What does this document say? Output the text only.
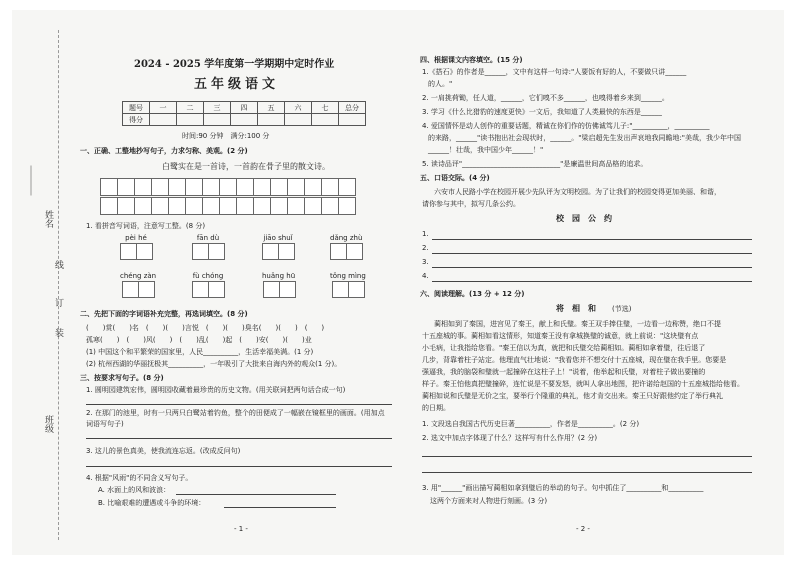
姓名
班级
线
订
装
2024 - 2025 学年度第一学期期中定时作业
五年级语文
题号	一	二	三	四	五	六	七	总分
得分								
时间:90 分钟　满分:100 分
一、正确、工整地抄写句子，力求匀称、美观。(2 分)
白鹭实在是一首诗，一首韵在骨子里的散文诗。
1. 看拼音写词语，注意写工整。(8 分)
pèi hé	fān dù	jiāo shuǐ	dǎng zhù
chéng zàn	fù chóng	huǎng hū	tǒng mìng
二、先把下面的字词语补充完整，再选词填空。(8 分)
(　　)赏(　　)名　(　　)(　　)言悦　(　　)(　　)臭名(　　)(　　)　(　　)
孤寒(　　)　(　　)风(　　)　(　　)乱(　　)起　(　　)安(　　)(　　)业
(1) 中国这个和平繁荣的国家里，人民__________，生活幸福美满。(1 分)
(2) 杭州西湖的华丽抚极其__________，一年吸引了大批来自海内外的观众(1 分)。
三、按要求写句子。(8 分)
1. 圆明园建筑宏伟，圆明园收藏着最珍贵的历史文物。(用关联词把两句话合成一句)
2. 在那门的池里，时有一只两只白鹭站着钓鱼，整个的田便成了一幅嵌在镜框里的画面。(用加点
词语写句子)
3. 这儿的景色真美，使我流连忘返。(改成反问句)
4. 根据"风雨"的不同含义写句子。
A. 水面上的风和波浪：
B. 比喻艰难的遭遇或斗争的环境：
- 1 -
四、根据课文内容填空。(15 分)
1.《搭石》的作者是______，文中有这样一句诗:"人要饭有好的人，不要做只讲______
的人。"
2. 一肩挑荷锄，任人道，______，它们嗅不多______，也嗅得着乡来到______。
3. 学习《什么比猎豹的速度更快》一文后，我知道了人类最快的东西是______
4. 爱国情怀是动人创作的重要话题，精诚在你们作的仿佛诚笃儿子:"__________，__________
的来路，______"读书抱出社会现状时，______。"梁启超先生发出声哀地我同瞻地:"美哉，我少年中国
______！壮哉，我中国少年______！"
5. 读诗品评"____________________________"是廉温世间高品格的追求。
五、口语交际。(4 分)
六安市人民路小学在校园开展少先队评为文明校园。为了让我们的校园变得更加美丽、和谐，
请你参与其中，拟写几条公约。
校　园　公　约
1.
2.
3.
4.
六、阅读理解。(13 分 + 12 分)
将　相　和 (节选)
蔺相如到了秦国，进宫见了秦王，献上和氏璧。秦王双手捧住璧，一边看一边称赞，绝口不提
十五座城的事。蔺相如看这情形，知道秦王没有拿城换璧的诚意，就上前说："这块璧有点
小毛病，让我指给您看。"秦王信以为真，就把和氏璧交给蔺相如。蔺相如拿着璧，往后退了
几步，背靠着柱子站定。他理直气壮地说："我看您并不想交付十五座城，现在璧在我手里。您要是
强逼我，我的脑袋和璧就一起撞碎在这柱子上！"说着，他举起和氏璧，对着柱子做出要撞的
样子。秦王怕他真把璧撞碎，连忙说是不要发怒，就叫人拿出地图，把许诺给赵国的十五座城指给他看。
蔺相如说和氏璧是无价之宝，要举行个隆重的典礼，他才肯交出来。秦王只好跟他约定了举行典礼
的日期。
1. 文段选自我国古代历史巨著__________，作者是__________。(2 分)
2. 选文中加点字体现了什么？这样写有什么作用？(2 分)
3. 用"______"画出描写蔺相如拿到璧后的举动的句子。句中抓住了__________和__________
这两个方面来对人物进行刻画。(3 分)
- 2 -
